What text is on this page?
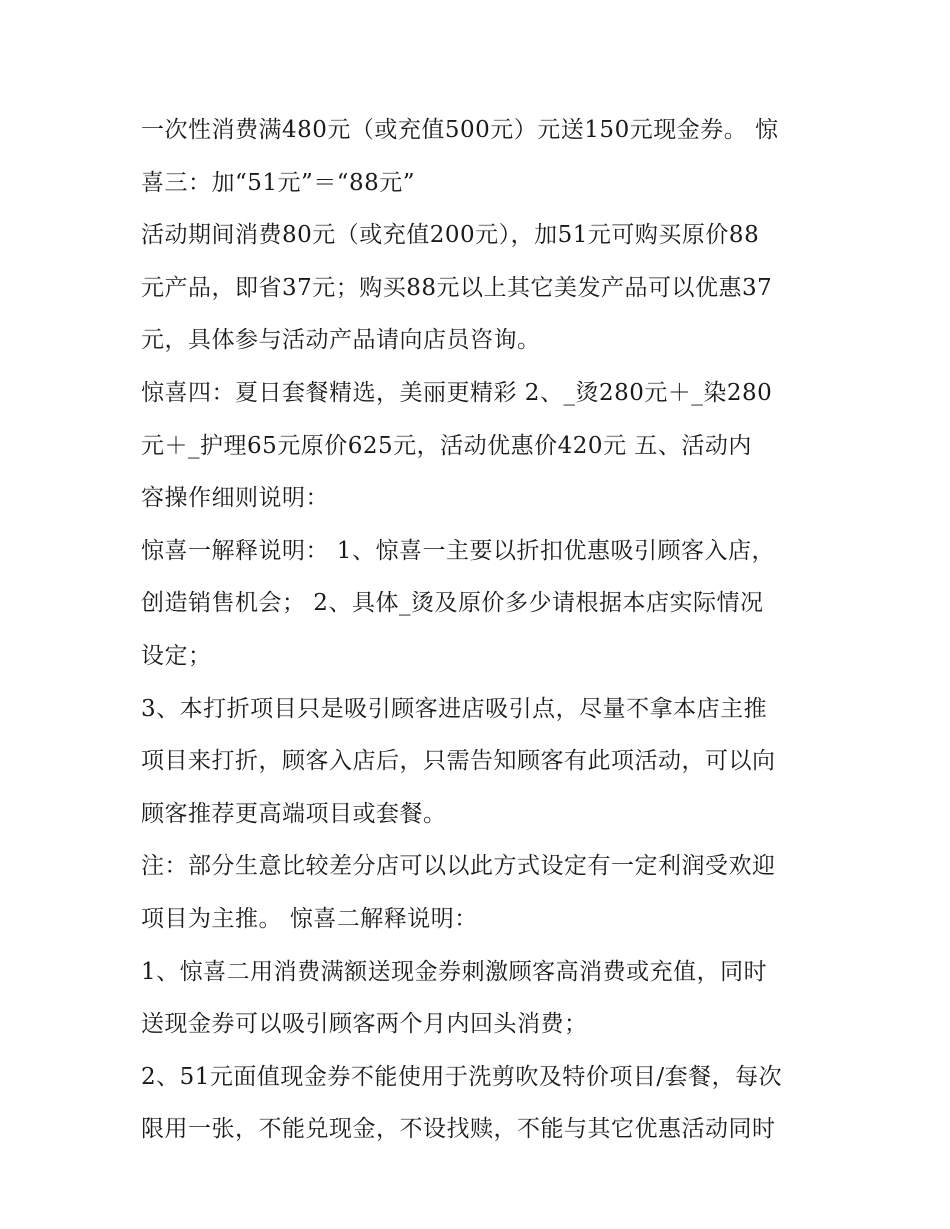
一次性消费满480元（或充值500元）元送150元现金券。 惊
喜三：加“51元”＝“88元”
活动期间消费80元（或充值200元），加51元可购买原价88
元产品，即省37元；购买88元以上其它美发产品可以优惠37
元，具体参与活动产品请向店员咨询。
惊喜四：夏日套餐精选，美丽更精彩 2、_烫280元＋_染280
元＋_护理65元原价625元，活动优惠价420元 五、活动内
容操作细则说明：
惊喜一解释说明： 1、惊喜一主要以折扣优惠吸引顾客入店，
创造销售机会； 2、具体_烫及原价多少请根据本店实际情况
设定；
3、本打折项目只是吸引顾客进店吸引点，尽量不拿本店主推
项目来打折，顾客入店后，只需告知顾客有此项活动，可以向
顾客推荐更高端项目或套餐。
注：部分生意比较差分店可以以此方式设定有一定利润受欢迎
项目为主推。 惊喜二解释说明：
1、惊喜二用消费满额送现金券刺激顾客高消费或充值，同时
送现金券可以吸引顾客两个月内回头消费；
2、51元面值现金券不能使用于洗剪吹及特价项目/套餐，每次
限用一张，不能兑现金，不设找赎，不能与其它优惠活动同时
